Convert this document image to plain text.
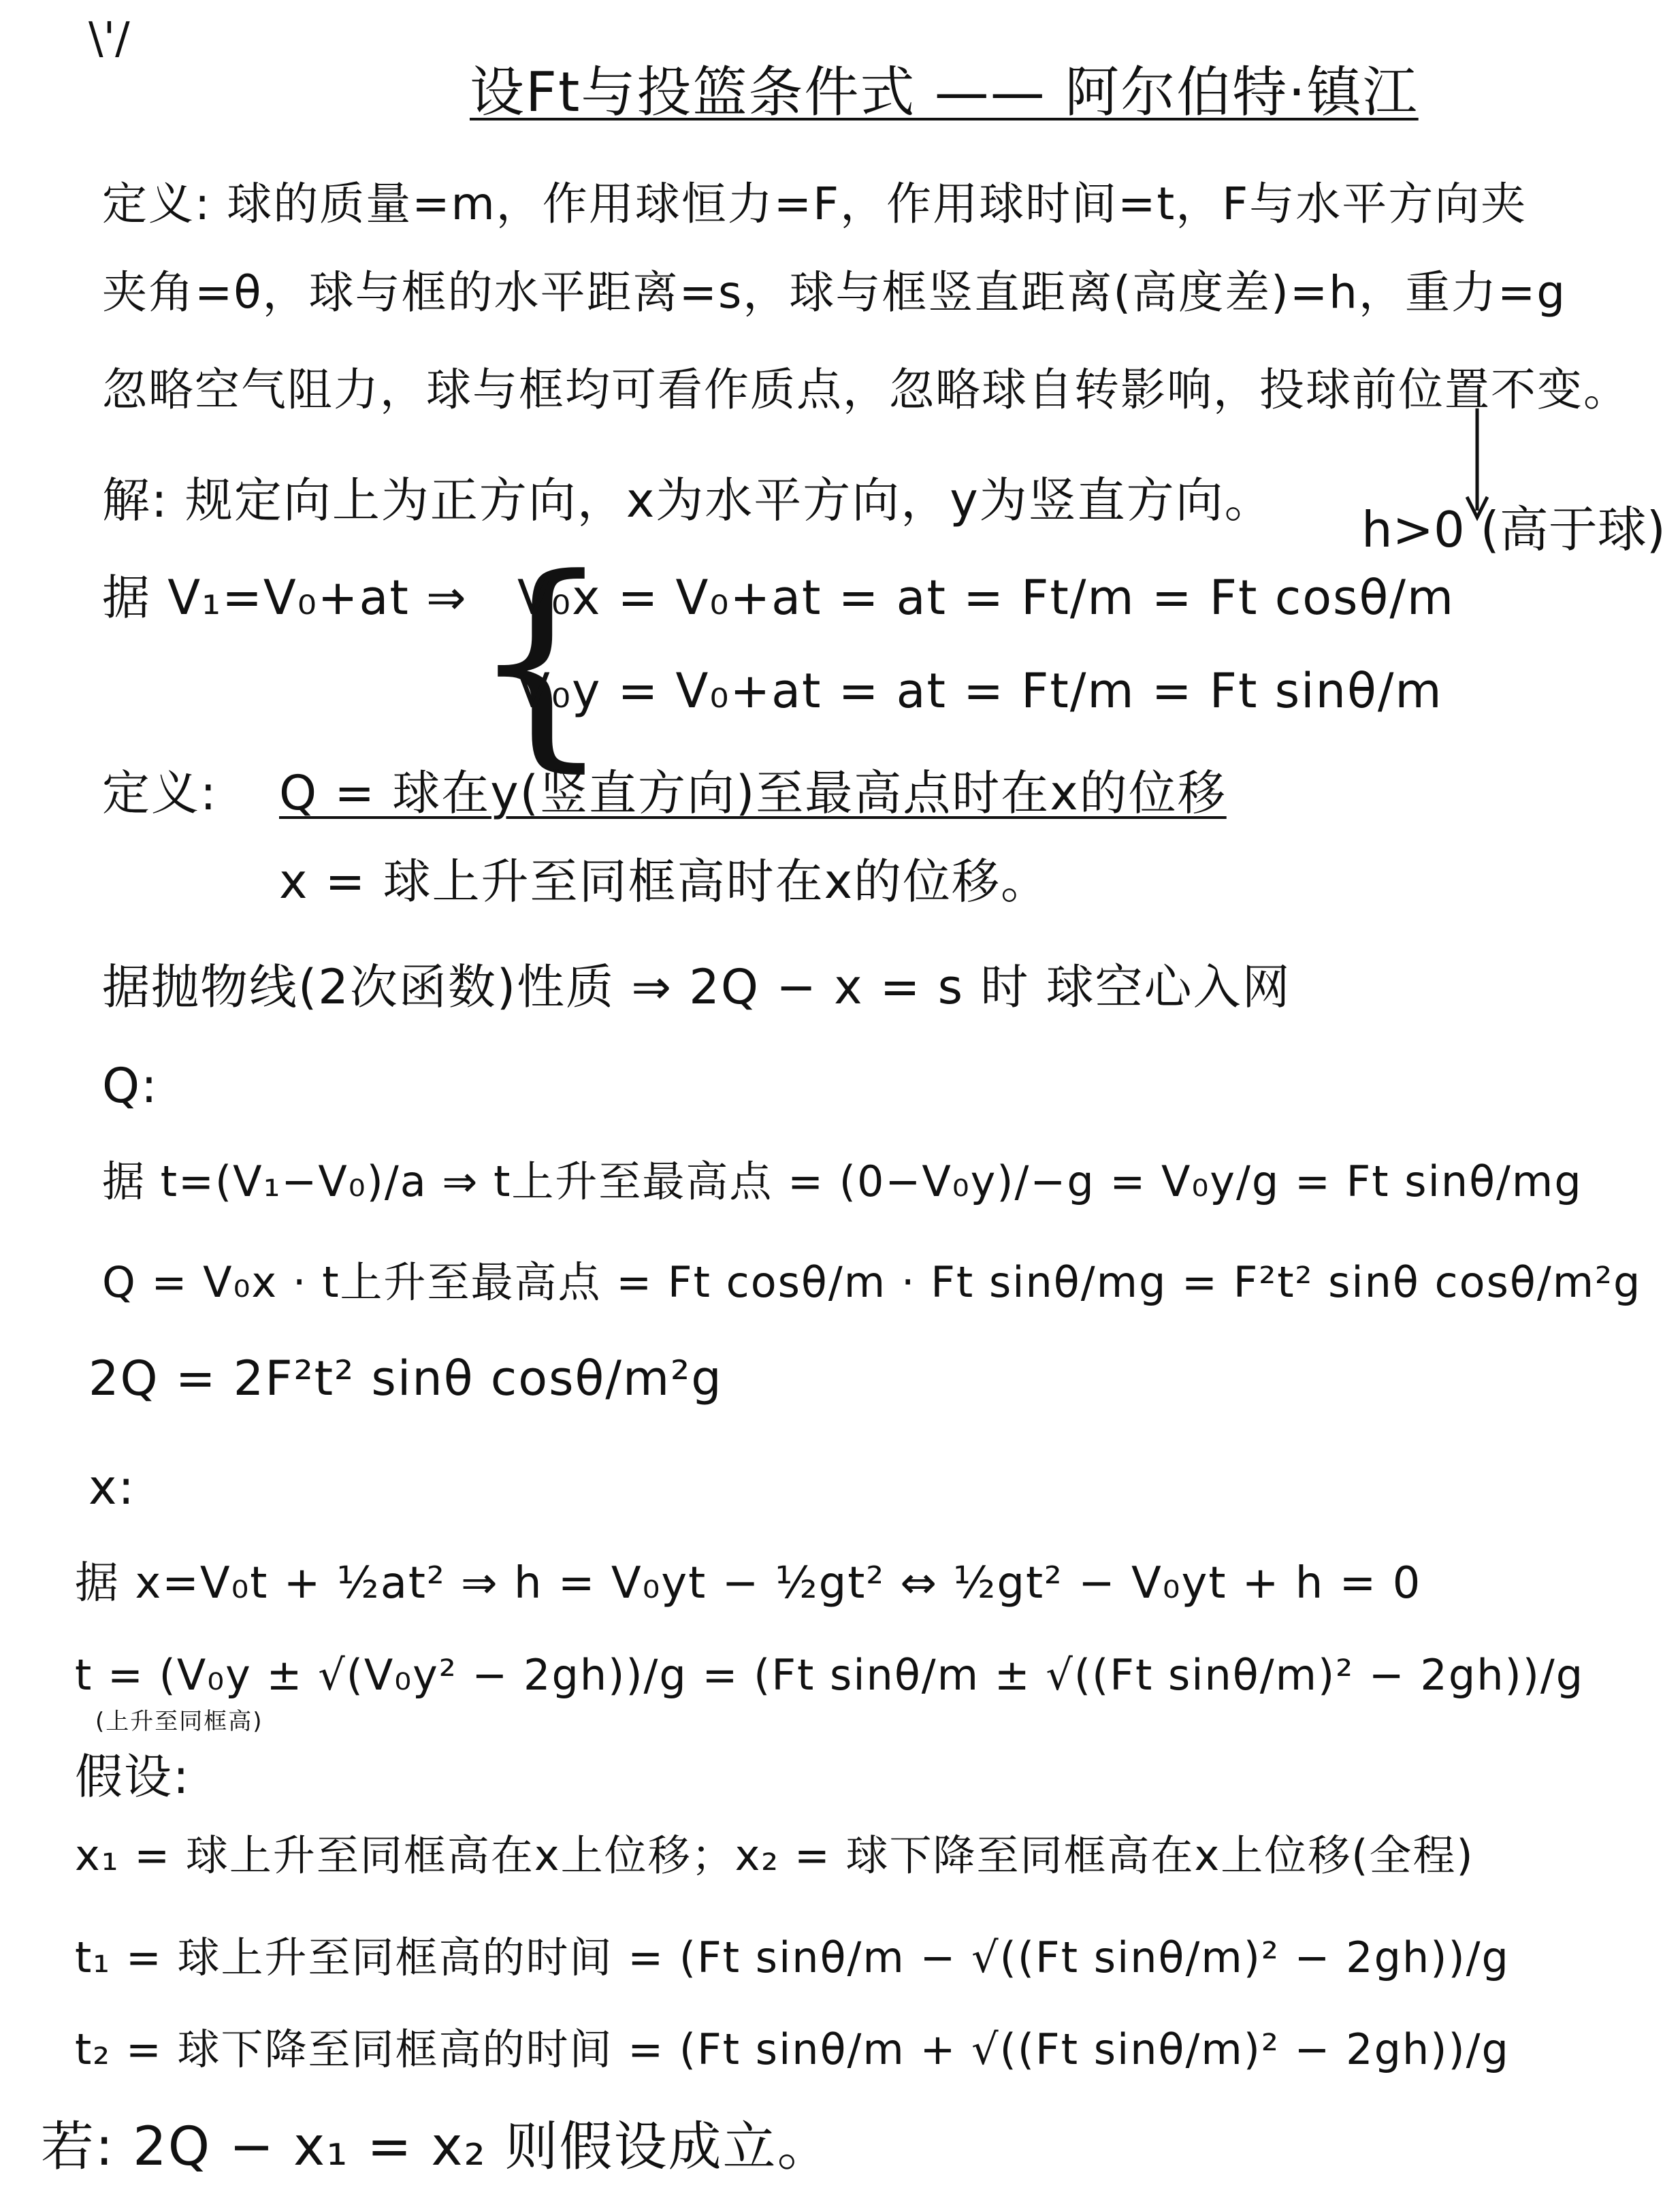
\'/
设Ft与投篮条件式 —— 阿尔伯特·镇江
定义: 球的质量=m，作用球恒力=F，作用球时间=t，F与水平方向夹
夹角=θ，球与框的水平距离=s，球与框竖直距离(高度差)=h，重力=g
忽略空气阻力，球与框均可看作质点，忽略球自转影响，投球前位置不变。
h>0 (高于球)
解: 规定向上为正方向，x为水平方向，y为竖直方向。
据 V₁=V₀+at ⇒ {
V₀x = V₀+at = at = Ft/m = Ft cosθ/m
V₀y = V₀+at = at = Ft/m = Ft sinθ/m
定义: Q = 球在y(竖直方向)至最高点时在x的位移
x = 球上升至同框高时在x的位移。
据抛物线(2次函数)性质 ⇒ 2Q − x = s 时 球空心入网
Q:
据 t=(V₁−V₀)/a ⇒ t上升至最高点 = (0−V₀y)/−g = V₀y/g = Ft sinθ/mg
Q = V₀x · t上升至最高点 = Ft cosθ/m · Ft sinθ/mg = F²t² sinθ cosθ/m²g
2Q = 2F²t² sinθ cosθ/m²g
x:
据 x=V₀t + ½at² ⇒ h = V₀yt − ½gt² ⇔ ½gt² − V₀yt + h = 0
t = (V₀y ± √(V₀y² − 2gh))/g = (Ft sinθ/m ± √((Ft sinθ/m)² − 2gh))/g
(上升至同框高)
假设:
x₁ = 球上升至同框高在x上位移；x₂ = 球下降至同框高在x上位移(全程)
t₁ = 球上升至同框高的时间 = (Ft sinθ/m − √((Ft sinθ/m)² − 2gh))/g
t₂ = 球下降至同框高的时间 = (Ft sinθ/m + √((Ft sinθ/m)² − 2gh))/g
若: 2Q − x₁ = x₂ 则假设成立。
